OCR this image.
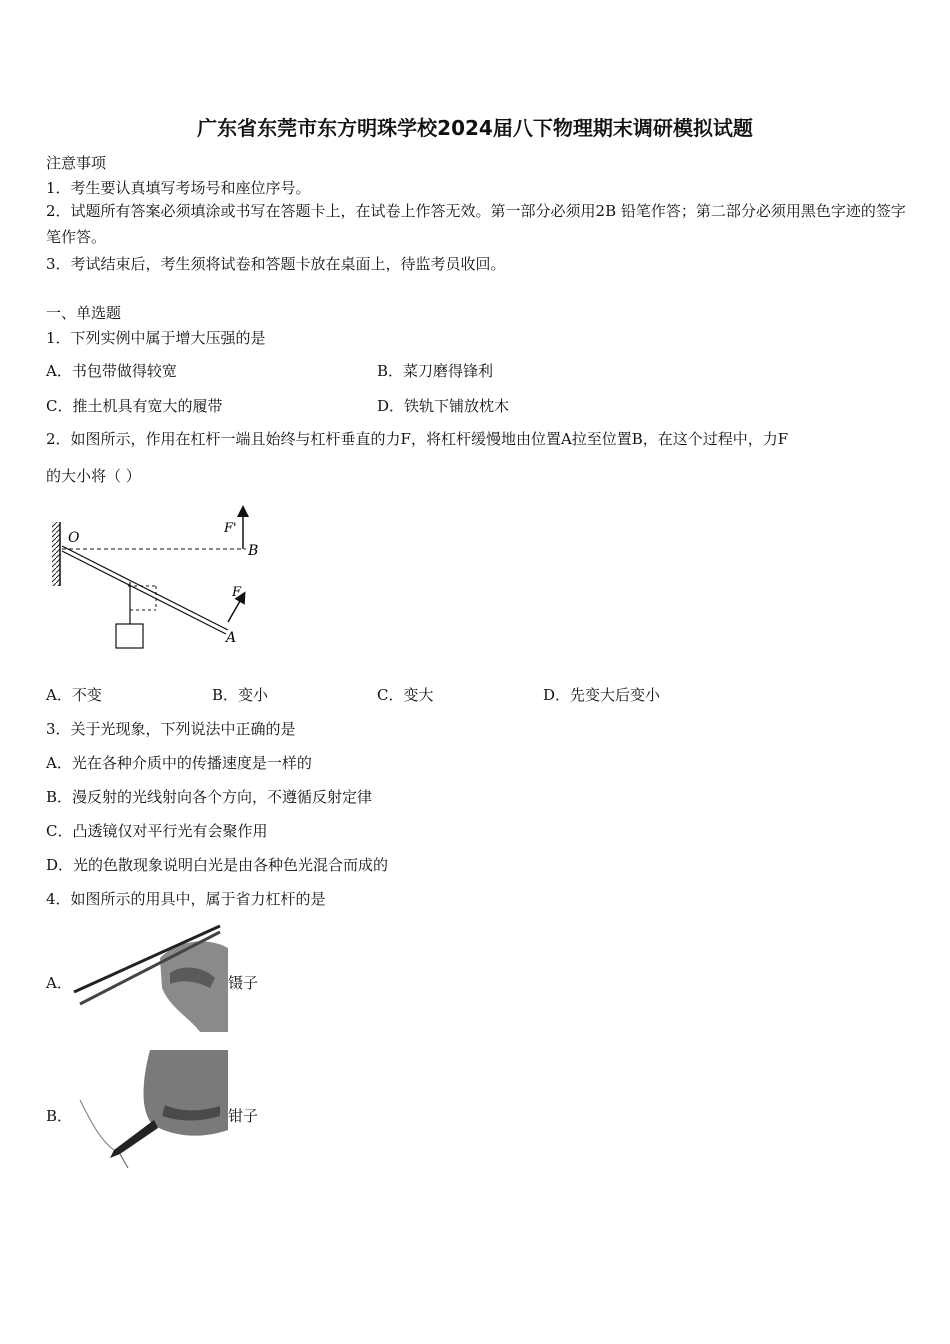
广东省东莞市东方明珠学校2024届八下物理期末调研模拟试题
注意事项
1．考生要认真填写考场号和座位序号。
2．试题所有答案必须填涂或书写在答题卡上，在试卷上作答无效。第一部分必须用2B 铅笔作答；第二部分必须用黑色字迹的签字笔作答。
3．考试结束后，考生须将试卷和答题卡放在桌面上，待监考员收回。
一、单选题
1．下列实例中属于增大压强的是
A．书包带做得较宽	B．菜刀磨得锋利
C．推土机具有宽大的履带	D．铁轨下铺放枕木
2．如图所示，作用在杠杆一端且始终与杠杆垂直的力F，将杠杆缓慢地由位置A拉至位置B，在这个过程中，力F
的大小将（ ）
O
B
A
F'
F
A．不变	B．变小	C．变大	D．先变大后变小
3．关于光现象，下列说法中正确的是
A．光在各种介质中的传播速度是一样的
B．漫反射的光线射向各个方向，不遵循反射定律
C．凸透镜仅对平行光有会聚作用
D．光的色散现象说明白光是由各种色光混合而成的
4．如图所示的用具中，属于省力杠杆的是
A．	镊子
B．	钳子
